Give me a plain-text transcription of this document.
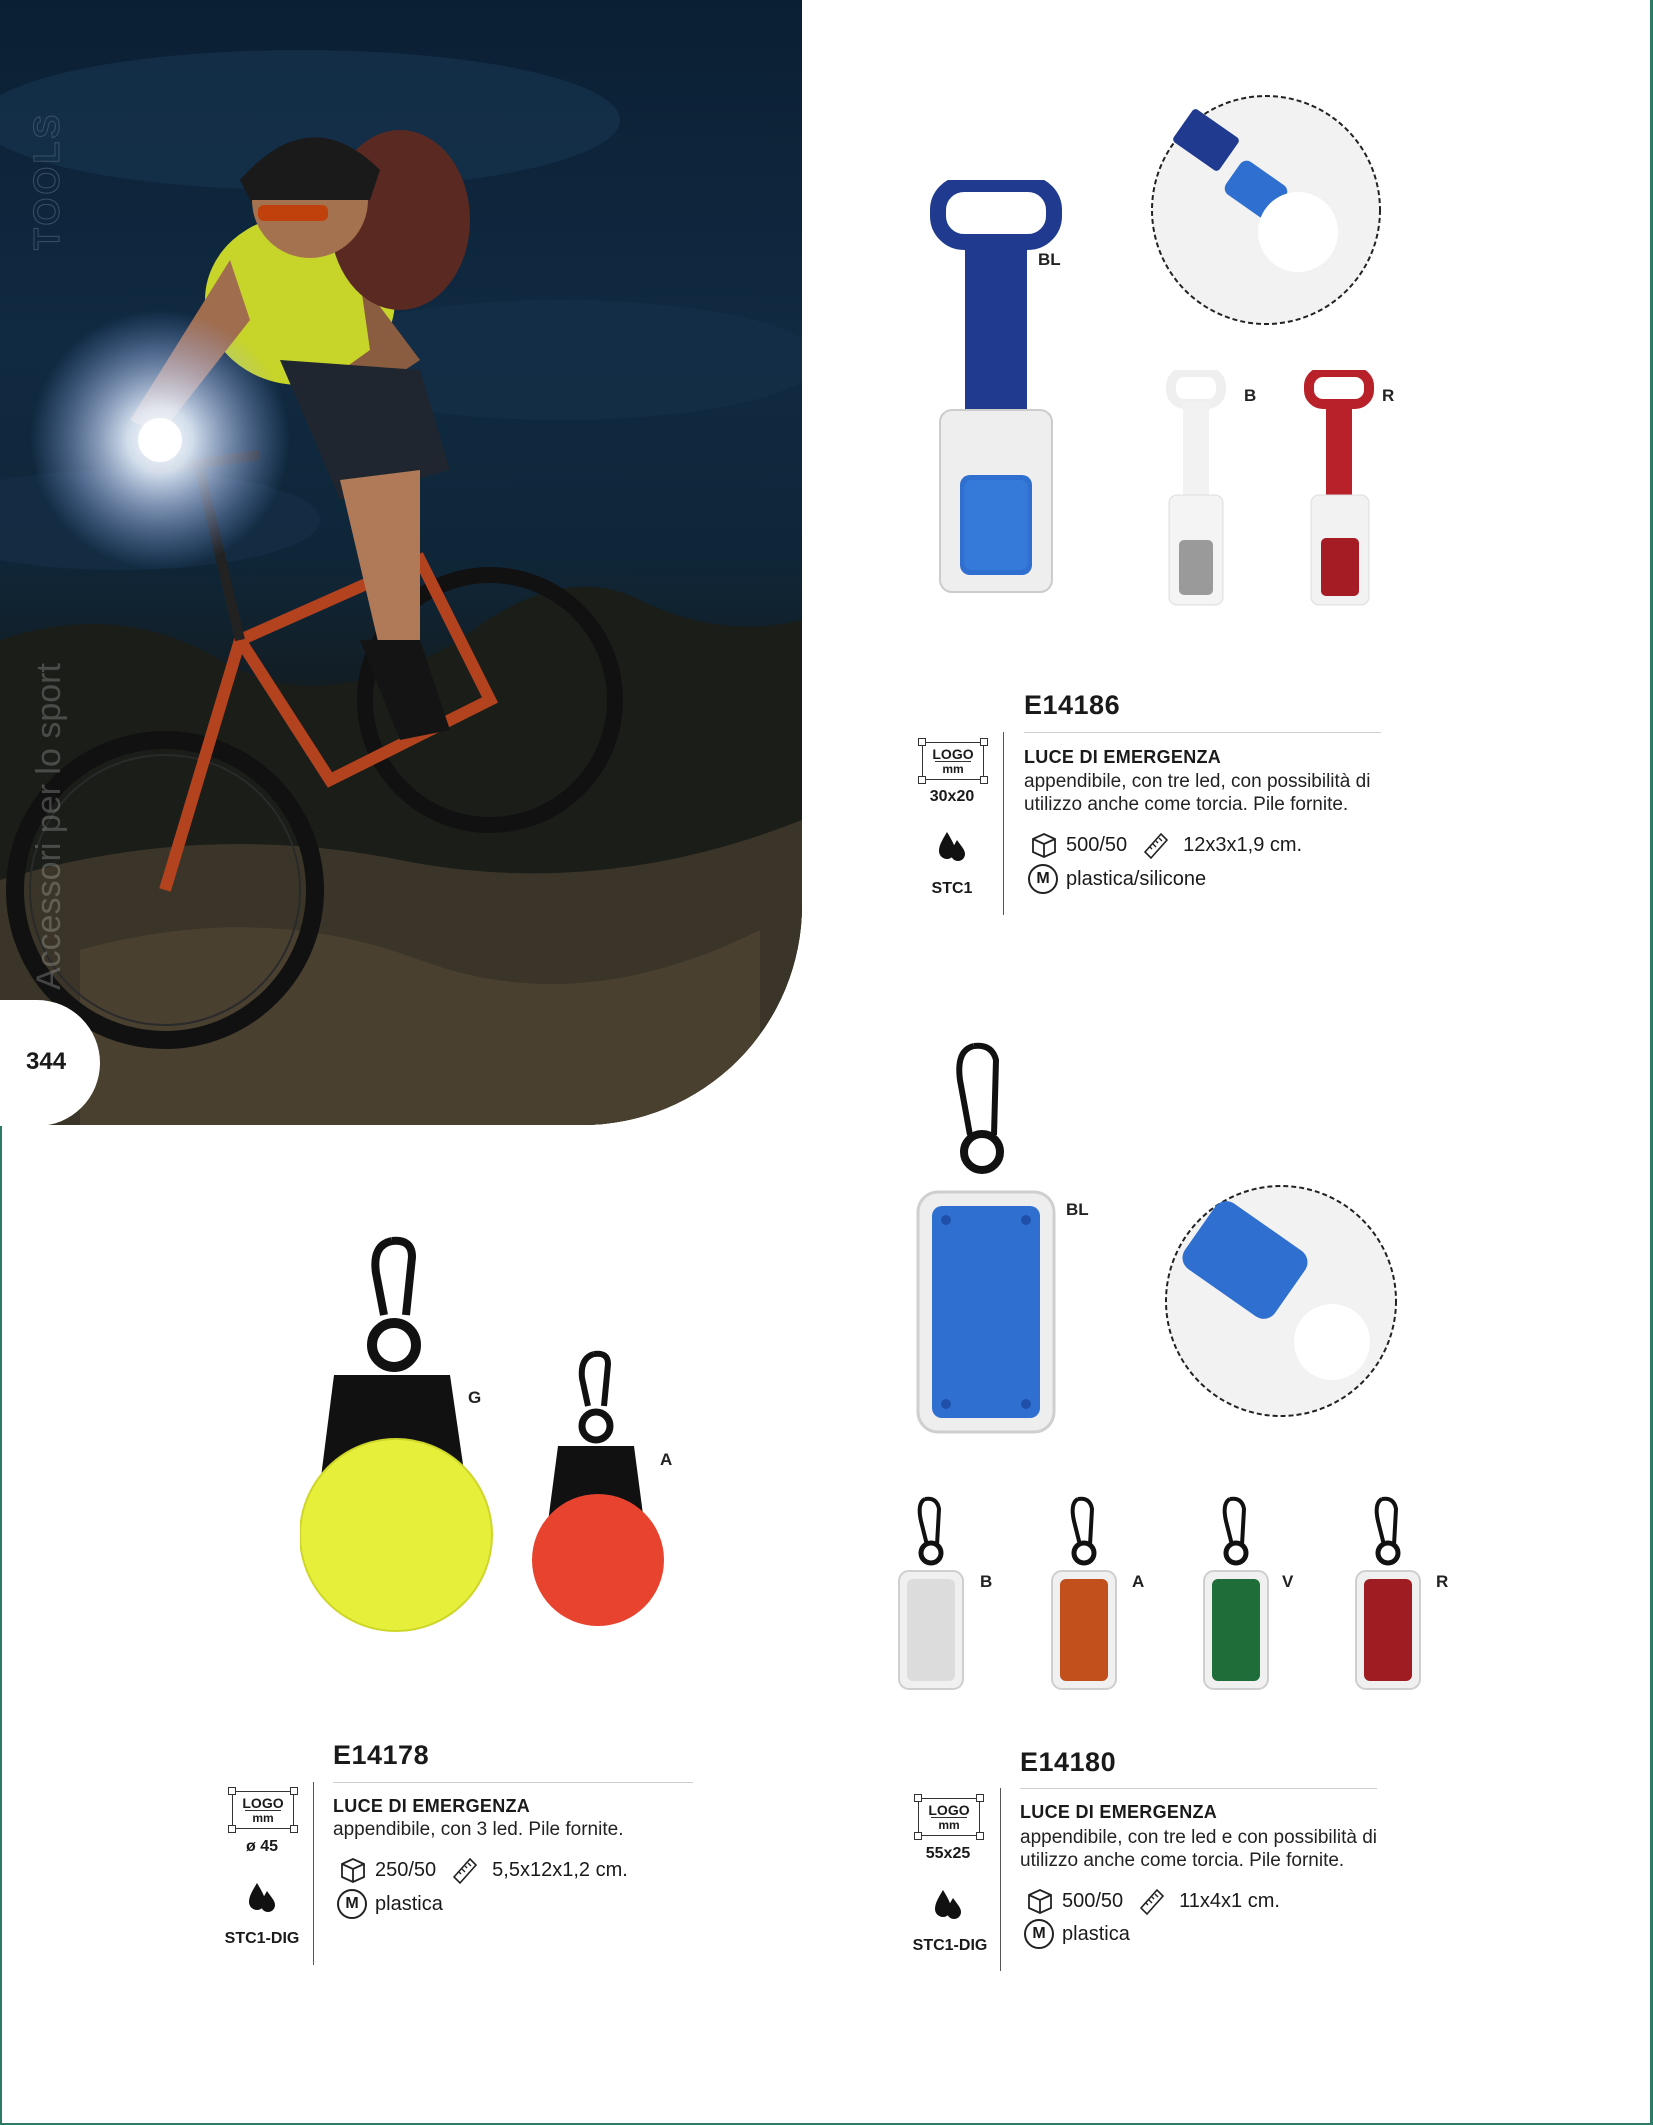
TOOLS
Accessori per lo sport
344
BL
B	R
E14186
LOGO
mm
30x20
STC1
LUCE DI EMERGENZA
appendibile, con tre led, con possibilità di utilizzo anche come torcia. Pile fornite.
500/50	12x3x1,9 cm.
M plastica/silicone
BL
B	A	V	R
E14180
LOGO
mm
55x25
STC1-DIG
LUCE DI EMERGENZA
appendibile, con tre led e con possibilità di utilizzo anche come torcia. Pile fornite.
500/50	11x4x1 cm.
M plastica
G
A
E14178
LOGO
mm
ø 45
STC1-DIG
LUCE DI EMERGENZA
appendibile, con 3 led. Pile fornite.
250/50	5,5x12x1,2 cm.
M plastica
